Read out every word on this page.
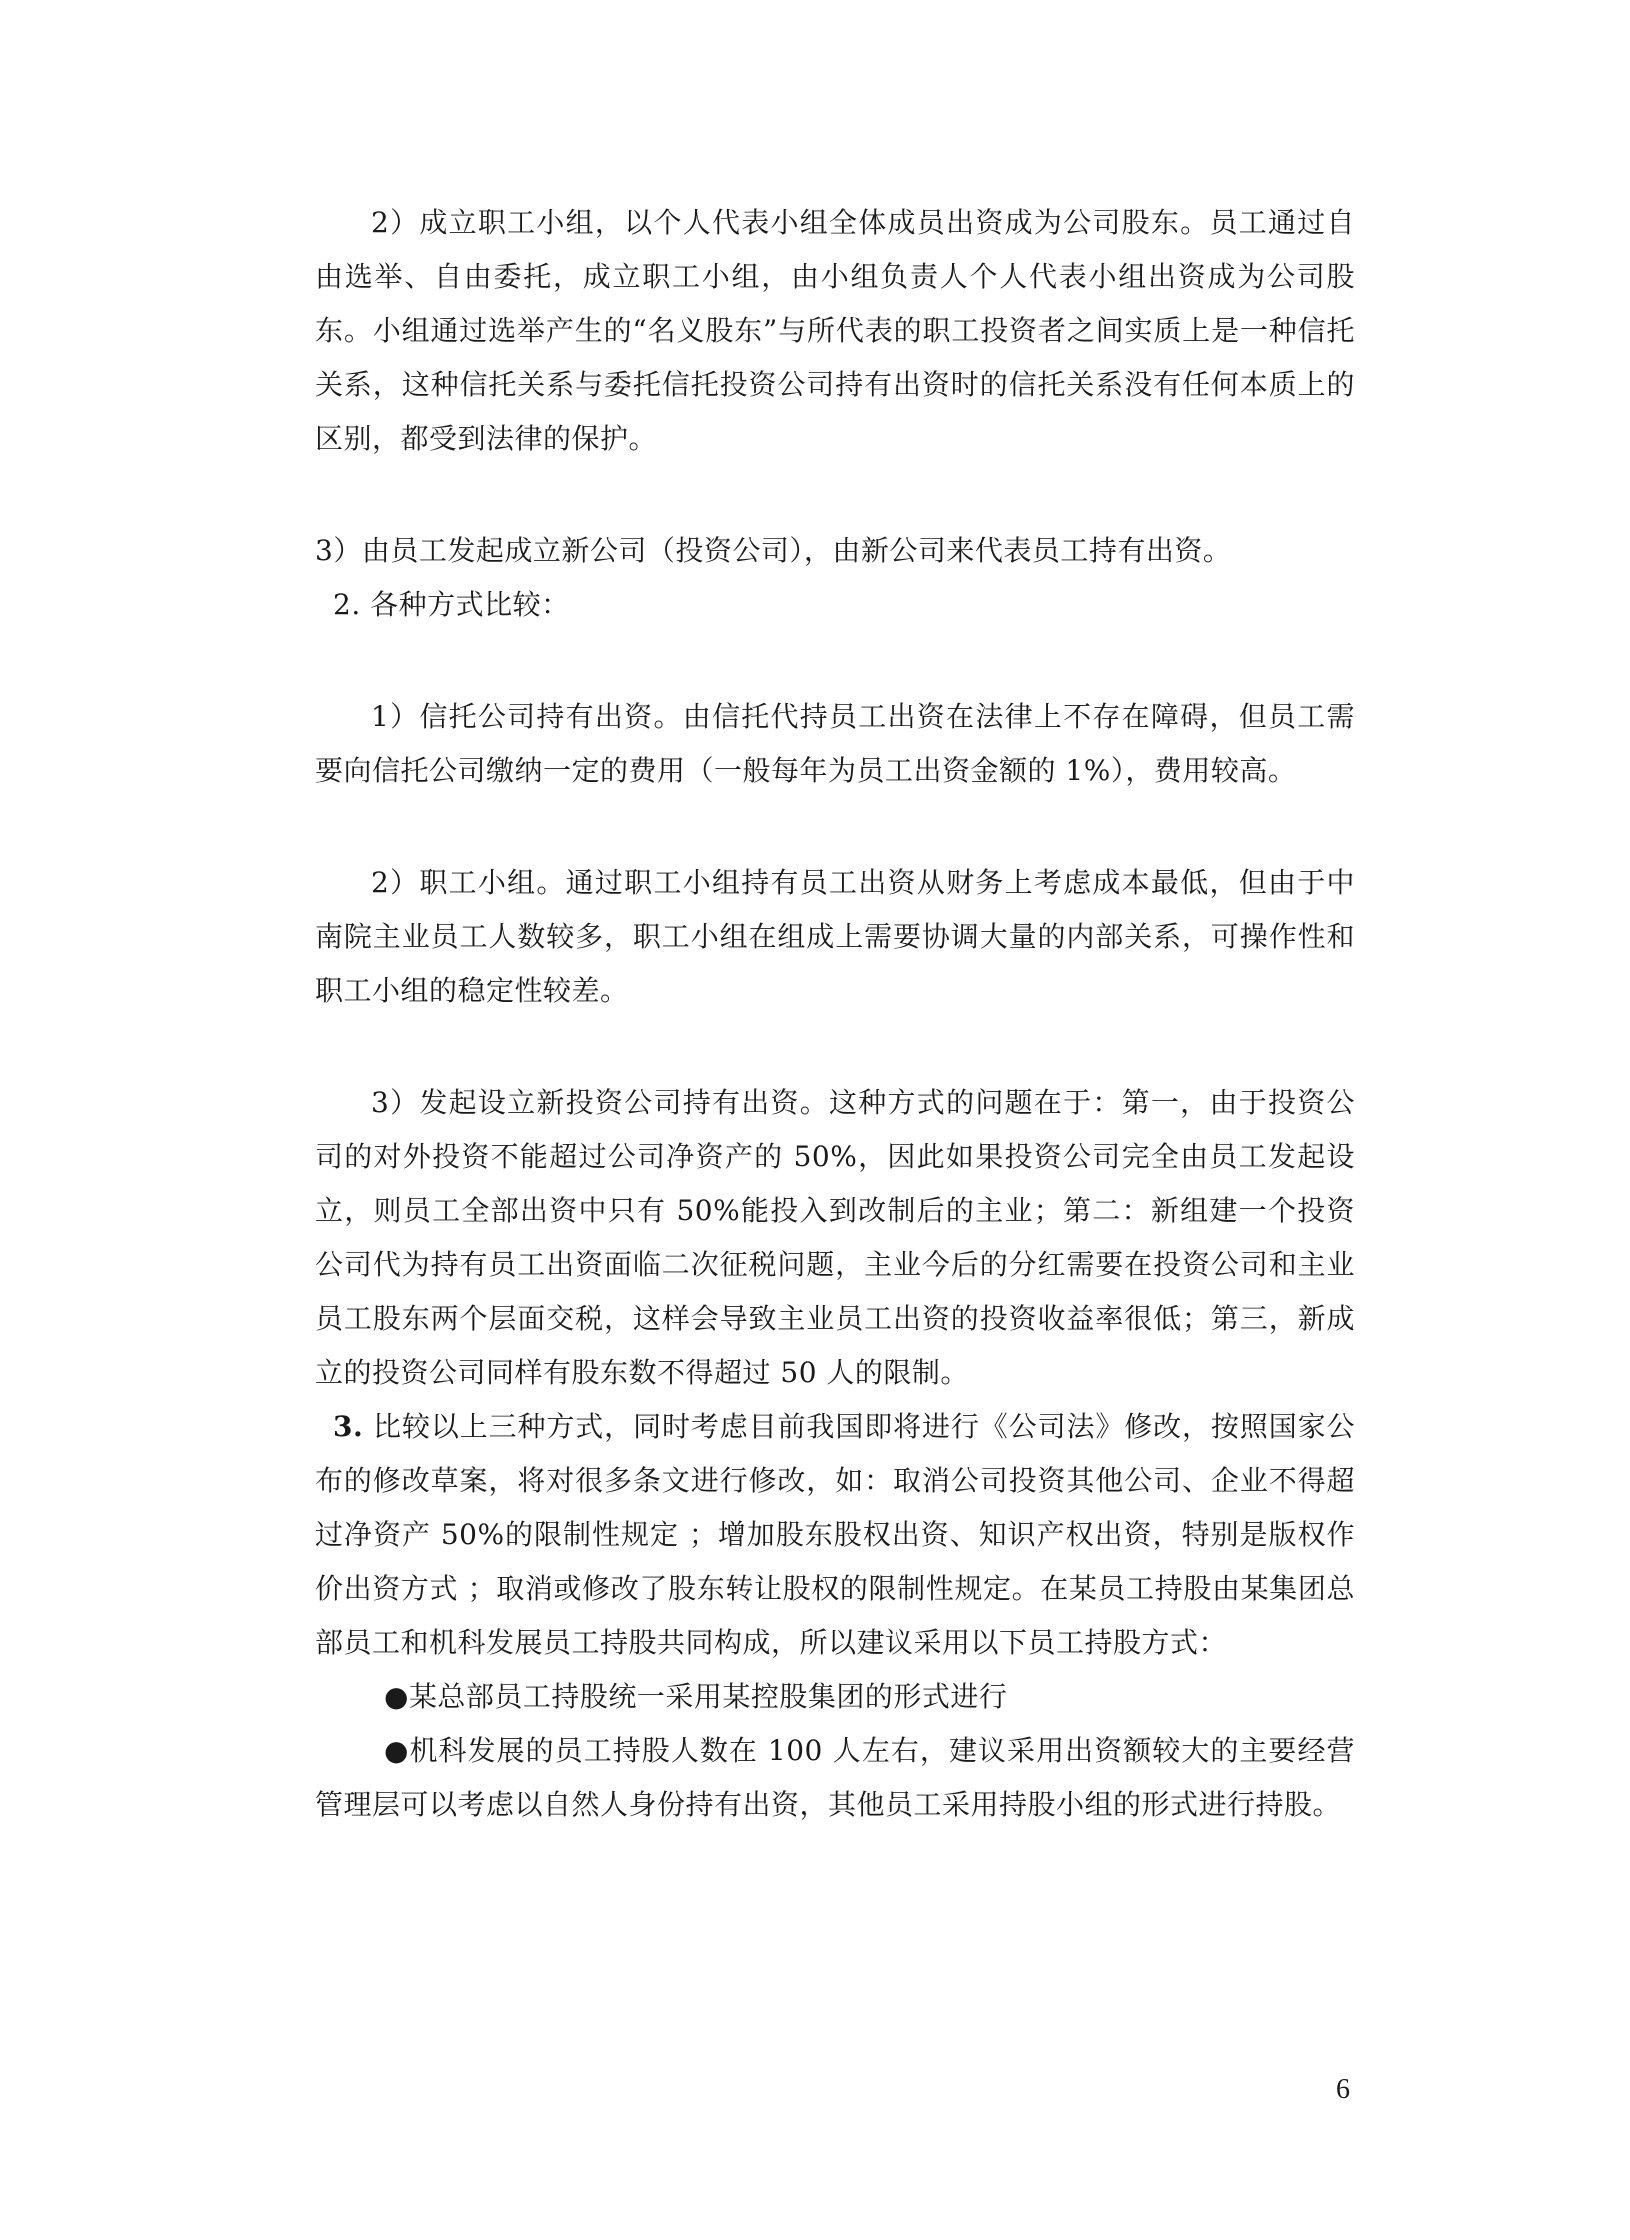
2）成立职工小组，以个人代表小组全体成员出资成为公司股东。员工通过自由选举、自由委托，成立职工小组，由小组负责人个人代表小组出资成为公司股东。小组通过选举产生的“名义股东”与所代表的职工投资者之间实质上是一种信托关系，这种信托关系与委托信托投资公司持有出资时的信托关系没有任何本质上的区别，都受到法律的保护。

3）由员工发起成立新公司（投资公司），由新公司来代表员工持有出资。

2. 各种方式比较：

1）信托公司持有出资。由信托代持员工出资在法律上不存在障碍，但员工需要向信托公司缴纳一定的费用（一般每年为员工出资金额的 1%），费用较高。

2）职工小组。通过职工小组持有员工出资从财务上考虑成本最低，但由于中南院主业员工人数较多，职工小组在组成上需要协调大量的内部关系，可操作性和职工小组的稳定性较差。

3）发起设立新投资公司持有出资。这种方式的问题在于：第一，由于投资公司的对外投资不能超过公司净资产的 50%，因此如果投资公司完全由员工发起设立，则员工全部出资中只有 50%能投入到改制后的主业；第二：新组建一个投资公司代为持有员工出资面临二次征税问题，主业今后的分红需要在投资公司和主业员工股东两个层面交税，这样会导致主业员工出资的投资收益率很低；第三，新成立的投资公司同样有股东数不得超过 50 人的限制。

3. 比较以上三种方式，同时考虑目前我国即将进行《公司法》修改，按照国家公布的修改草案，将对很多条文进行修改，如：取消公司投资其他公司、企业不得超过净资产 50%的限制性规定 ；增加股东股权出资、知识产权出资，特别是版权作价出资方式 ；取消或修改了股东转让股权的限制性规定。在某员工持股由某集团总部员工和机科发展员工持股共同构成，所以建议采用以下员工持股方式：

●某总部员工持股统一采用某控股集团的形式进行

●机科发展的员工持股人数在 100 人左右，建议采用出资额较大的主要经营管理层可以考虑以自然人身份持有出资，其他员工采用持股小组的形式进行持股。

6
